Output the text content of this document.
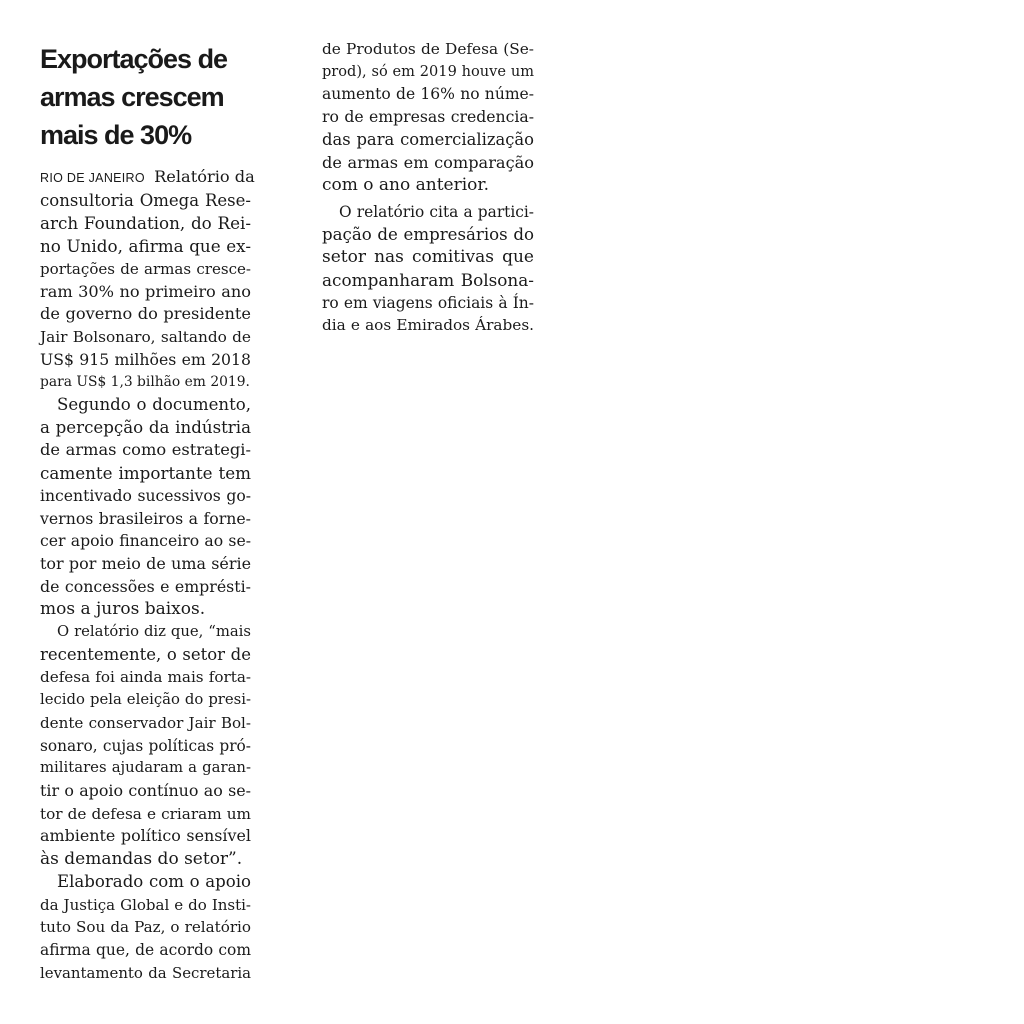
Exportações de
armas crescem
mais de 30%
RIO DE JANEIRO Relatório da
consultoria Omega Rese-
arch Foundation, do Rei-
no Unido, afirma que ex-
portações de armas cresce-
ram 30% no primeiro ano
de governo do presidente
Jair Bolsonaro, saltando de
US$ 915 milhões em 2018
para US$ 1,3 bilhão em 2019.
Segundo o documento,
a percepção da indústria
de armas como estrategi-
camente importante tem
incentivado sucessivos go-
vernos brasileiros a forne-
cer apoio financeiro ao se-
tor por meio de uma série
de concessões e emprésti-
mos a juros baixos.
O relatório diz que, “mais
recentemente, o setor de
defesa foi ainda mais forta-
lecido pela eleição do presi-
dente conservador Jair Bol-
sonaro, cujas políticas pró-
militares ajudaram a garan-
tir o apoio contínuo ao se-
tor de defesa e criaram um
ambiente político sensível
às demandas do setor”.
Elaborado com o apoio
da Justiça Global e do Insti-
tuto Sou da Paz, o relatório
afirma que, de acordo com
levantamento da Secretaria
de Produtos de Defesa (Se-
prod), só em 2019 houve um
aumento de 16% no núme-
ro de empresas credencia-
das para comercialização
de armas em comparação
com o ano anterior.
O relatório cita a partici-
pação de empresários do
setor nas comitivas que
acompanharam Bolsona-
ro em viagens oficiais à Ín-
dia e aos Emirados Árabes.
